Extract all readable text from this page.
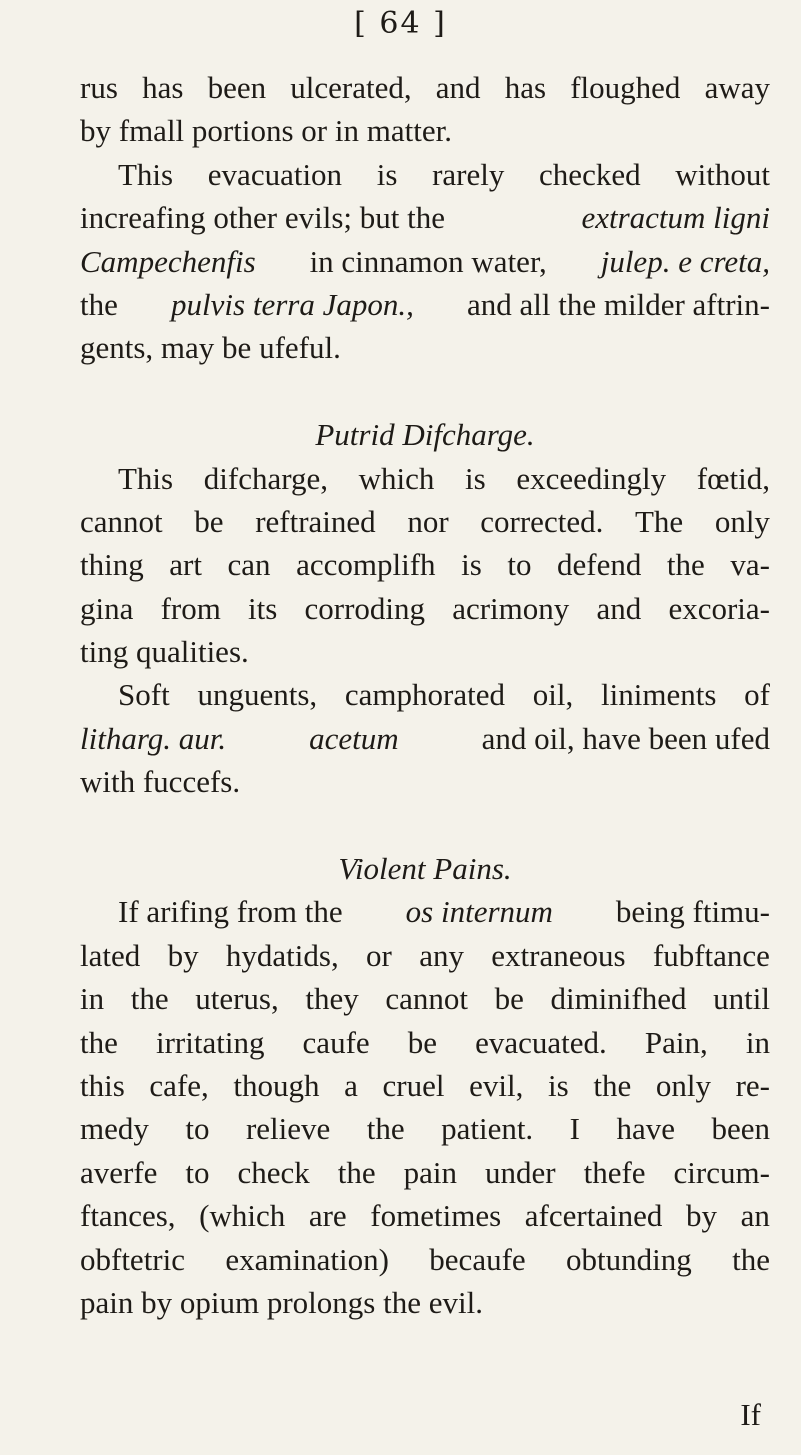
[ 64 ]
rus has been ulcerated, and has floughed away
by fmall portions or in matter.
This evacuation is rarely checked without
increafing other evils; but the	extractum ligni
Campechenfis in cinnamon water, julep. e creta,
the pulvis terra Japon., and all the milder aftrin-
gents, may be ufeful.
Putrid Difcharge.
This difcharge, which is exceedingly fœtid,
cannot be reftrained nor corrected. The only
thing art can accomplifh is to defend the va-
gina from its corroding acrimony and excoria-
ting qualities.
Soft unguents, camphorated oil, liniments of
litharg. aur.	acetum	and oil, have been ufed
with fuccefs.
Violent Pains.
If arifing from the os internum being ftimu-
lated by hydatids, or any extraneous fubftance
in the uterus, they cannot be diminifhed until
the irritating caufe be evacuated. Pain, in
this cafe, though a cruel evil, is the only re-
medy to relieve the patient. I have been
averfe to check the pain under thefe circum-
ftances, (which are fometimes afcertained by an
obftetric examination) becaufe obtunding the
pain by opium prolongs the evil.
If
